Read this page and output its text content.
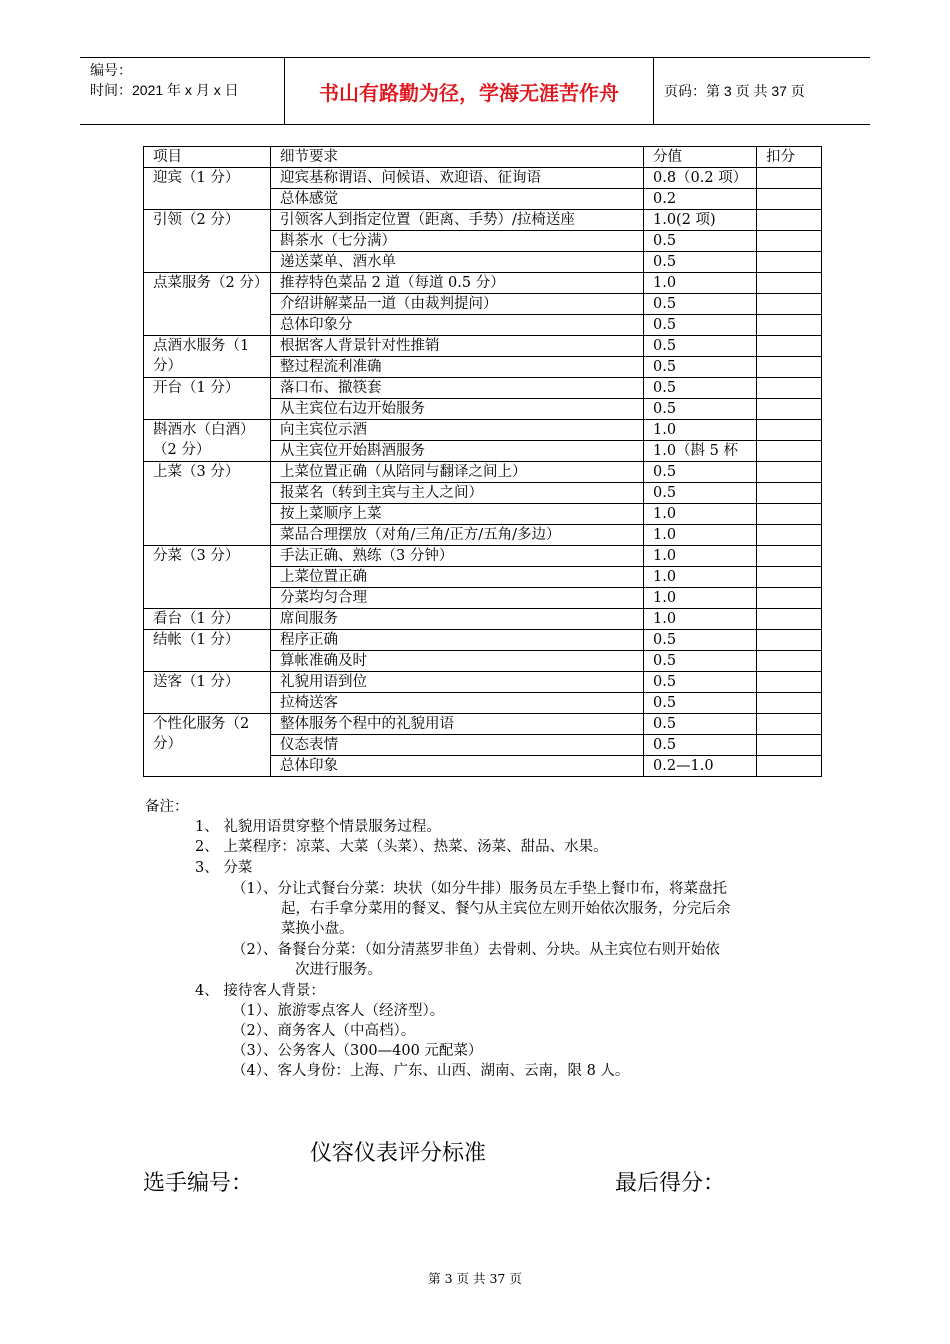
编号：
时间：2021 年 x 月 x 日	书山有路勤为径，学海无涯苦作舟	页码：第 3 页 共 37 页
项目	细节要求	分值	扣分
迎宾（1 分）	迎宾基称谓语、问候语、欢迎语、征询语	0.8（0.2 项）	
	总体感觉	0.2	
引领（2 分）	引领客人到指定位置（距离、手势）/拉椅送座	1.0(2 项)	
	斟茶水（七分满）	0.5	
	递送菜单、酒水单	0.5	
点菜服务（2 分）	推荐特色菜品 2 道（每道 0.5 分）	1.0	
	介绍讲解菜品一道（由裁判提问）	0.5	
	总体印象分	0.5	
点酒水服务（1 分）	根据客人背景针对性推销	0.5	
	整过程流利准确	0.5	
开台（1 分）	落口布、撤筷套	0.5	
	从主宾位右边开始服务	0.5	
斟酒水（白酒）（2 分）	向主宾位示酒	1.0	
	从主宾位开始斟酒服务	1.0（斟 5 杯	
上菜（3 分）	上菜位置正确（从陪同与翻译之间上）	0.5	
	报菜名（转到主宾与主人之间）	0.5	
	按上菜顺序上菜	1.0	
	菜品合理摆放（对角/三角/正方/五角/多边）	1.0	
分菜（3 分）	手法正确、熟练（3 分钟）	1.0	
	上菜位置正确	1.0	
	分菜均匀合理	1.0	
看台（1 分）	席间服务	1.0	
结帐（1 分）	程序正确	0.5	
	算帐准确及时	0.5	
送客（1 分）	礼貌用语到位	0.5	
	拉椅送客	0.5	
个性化服务（2 分）	整体服务个程中的礼貌用语	0.5	
	仪态表情	0.5	
	总体印象	0.2—1.0	
备注：
1、 礼貌用语贯穿整个情景服务过程。
2、 上菜程序：凉菜、大菜（头菜）、热菜、汤菜、甜品、水果。
3、 分菜
（1）、分让式餐台分菜：块状（如分牛排）服务员左手垫上餐巾布，将菜盘托
起，右手拿分菜用的餐叉、餐勺从主宾位左则开始依次服务，分完后余
菜换小盘。
（2）、备餐台分菜：（如分清蒸罗非鱼）去骨刺、分块。从主宾位右则开始依
次进行服务。
4、 接待客人背景：
（1）、旅游零点客人（经济型）。
（2）、商务客人（中高档）。
（3）、公务客人（300—400 元配菜）
（4）、客人身份：上海、广东、山西、湖南、云南，限 8 人。
仪容仪表评分标准
选手编号：	最后得分：
第 3 页 共 37 页
